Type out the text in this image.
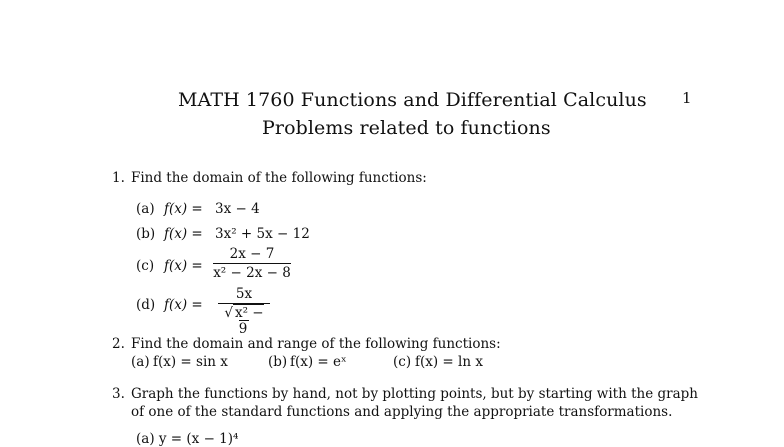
MATH 1760 Functions and Differential Calculus
Problems related to functions
1
1. Find the domain of the following functions:
(a) f(x) = 3x − 4
(b) f(x) = 3x² + 5x − 12
(c) f(x) =
2x − 7
x² − 2x − 8
(d) f(x) =
5x
√ x² − 9
2. Find the domain and range of the following functions:
(a) f(x) = sin x	(b) f(x) = eˣ	(c) f(x) = ln x
3. Graph the functions by hand, not by plotting points, but by starting with the graph
of one of the standard functions and applying the appropriate transformations.
(a) y = (x − 1)⁴
